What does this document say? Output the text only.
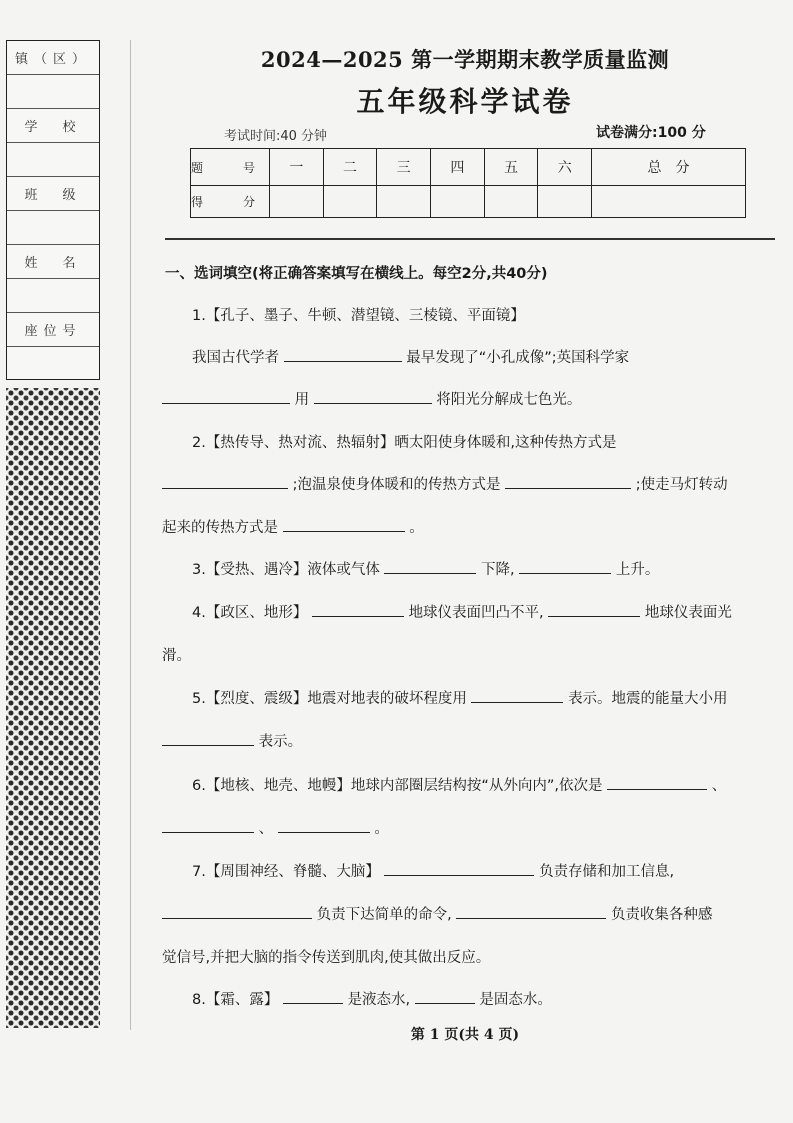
镇（区）
学　校
班　级
姓　名
座位号
2024—2025 第一学期期末教学质量监测
五年级科学试卷
考试时间:40 分钟	试卷满分:100 分
题　号	一	二	三	四	五	六	总　分
得　分							
一、选词填空(将正确答案填写在横线上。每空2分,共40分)
1.【孔子、墨子、牛顿、潜望镜、三棱镜、平面镜】
我国古代学者	最早发现了“小孔成像”;英国科学家
用	将阳光分解成七色光。
2.【热传导、热对流、热辐射】晒太阳使身体暖和,这种传热方式是
;泡温泉使身体暖和的传热方式是	;使走马灯转动
起来的传热方式是	。
3.【受热、遇冷】液体或气体	下降,	上升。
4.【政区、地形】	地球仪表面凹凸不平,	地球仪表面光
滑。
5.【烈度、震级】地震对地表的破坏程度用	表示。地震的能量大小用
表示。
6.【地核、地壳、地幔】地球内部圈层结构按“从外向内”,依次是	、
、	。
7.【周围神经、脊髓、大脑】	负责存储和加工信息,
负责下达简单的命令,	负责收集各种感
觉信号,并把大脑的指令传送到肌肉,使其做出反应。
8.【霜、露】	是液态水,	是固态水。
第 1 页(共 4 页)
